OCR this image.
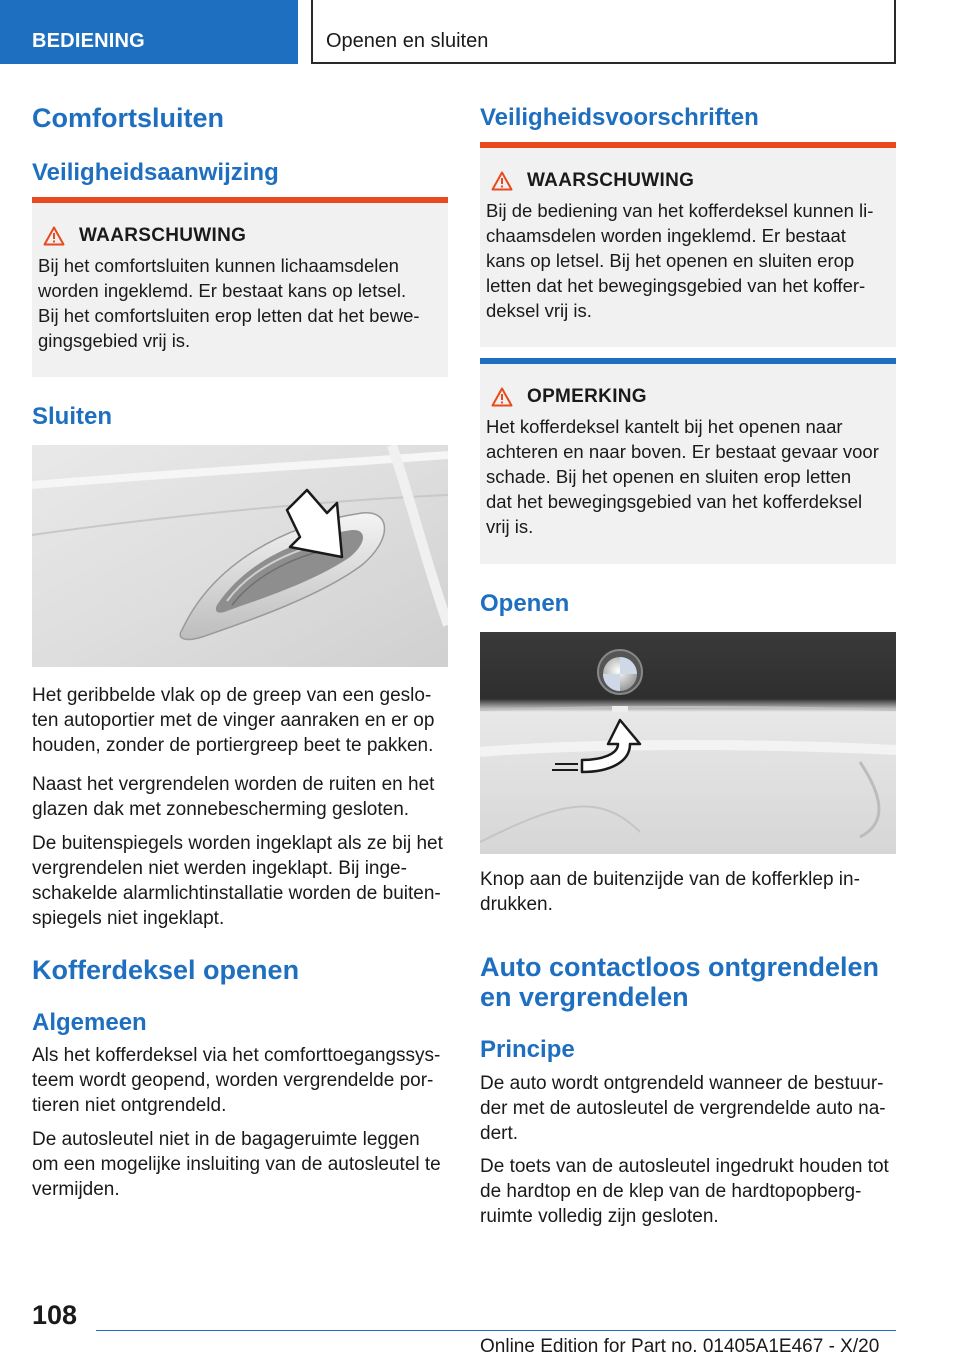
BEDIENING	Openen en sluiten
Comfortsluiten
Veiligheidsaanwijzing
WAARSCHUWING

Bij het comfortsluiten kunnen lichaamsdelen

worden ingeklemd. Er bestaat kans op letsel.

Bij het comfortsluiten erop letten dat het bewe-

gingsgebied vrij is.

Sluiten

Het geribbelde vlak op de greep van een geslo-

ten autoportier met de vinger aanraken en er op

houden, zonder de portiergreep beet te pakken.

Naast het vergrendelen worden de ruiten en het

glazen dak met zonnebescherming gesloten.

De buitenspiegels worden ingeklapt als ze bij het

vergrendelen niet werden ingeklapt. Bij inge-

schakelde alarmlichtinstallatie worden de buiten-

spiegels niet ingeklapt.

Kofferdeksel openen
Algemeen

Als het kofferdeksel via het comforttoegangssys-

teem wordt geopend, worden vergrendelde por-

tieren niet ontgrendeld.

De autosleutel niet in de bagageruimte leggen

om een mogelijke insluiting van de autosleutel te

vermijden.

Veiligheidsvoorschriften
WAARSCHUWING

Bij de bediening van het kofferdeksel kunnen li-

chaamsdelen worden ingeklemd. Er bestaat

kans op letsel. Bij het openen en sluiten erop

letten dat het bewegingsgebied van het koffer-

deksel vrij is.

OPMERKING

Het kofferdeksel kantelt bij het openen naar

achteren en naar boven. Er bestaat gevaar voor

schade. Bij het openen en sluiten erop letten

dat het bewegingsgebied van het kofferdeksel

vrij is.

Openen

Knop aan de buitenzijde van de kofferklep in-

drukken.

Auto contactloos ontgrendelen
en vergrendelen
Principe

De auto wordt ontgrendeld wanneer de bestuur-

der met de autosleutel de vergrendelde auto na-

dert.

De toets van de autosleutel ingedrukt houden tot

de hardtop en de klep van de hardtopopberg-

ruimte volledig zijn gesloten.

108
Online Edition for Part no. 01405A1E467 - X/20
